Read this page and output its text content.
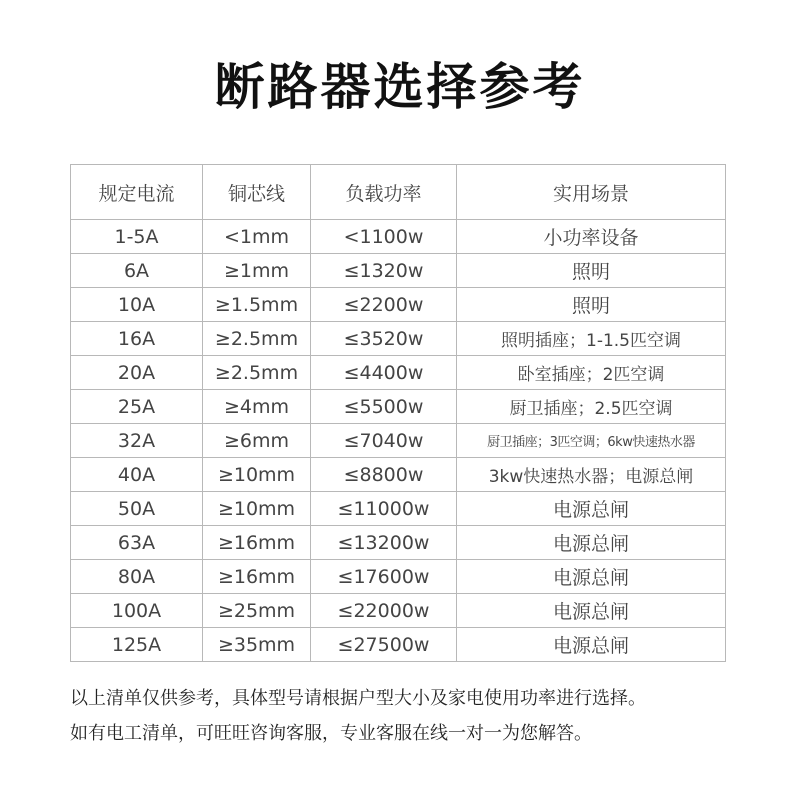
断路器选择参考
规定电流	铜芯线	负载功率	实用场景
1-5A	<1mm	<1100w	小功率设备
6A	≥1mm	≤1320w	照明
10A	≥1.5mm	≤2200w	照明
16A	≥2.5mm	≤3520w	照明插座；1-1.5匹空调
20A	≥2.5mm	≤4400w	卧室插座；2匹空调
25A	≥4mm	≤5500w	厨卫插座；2.5匹空调
32A	≥6mm	≤7040w	厨卫插座；3匹空调；6kw快速热水器
40A	≥10mm	≤8800w	3kw快速热水器；电源总闸
50A	≥10mm	≤11000w	电源总闸
63A	≥16mm	≤13200w	电源总闸
80A	≥16mm	≤17600w	电源总闸
100A	≥25mm	≤22000w	电源总闸
125A	≥35mm	≤27500w	电源总闸
以上清单仅供参考，具体型号请根据户型大小及家电使用功率进行选择。
如有电工清单，可旺旺咨询客服，专业客服在线一对一为您解答。
